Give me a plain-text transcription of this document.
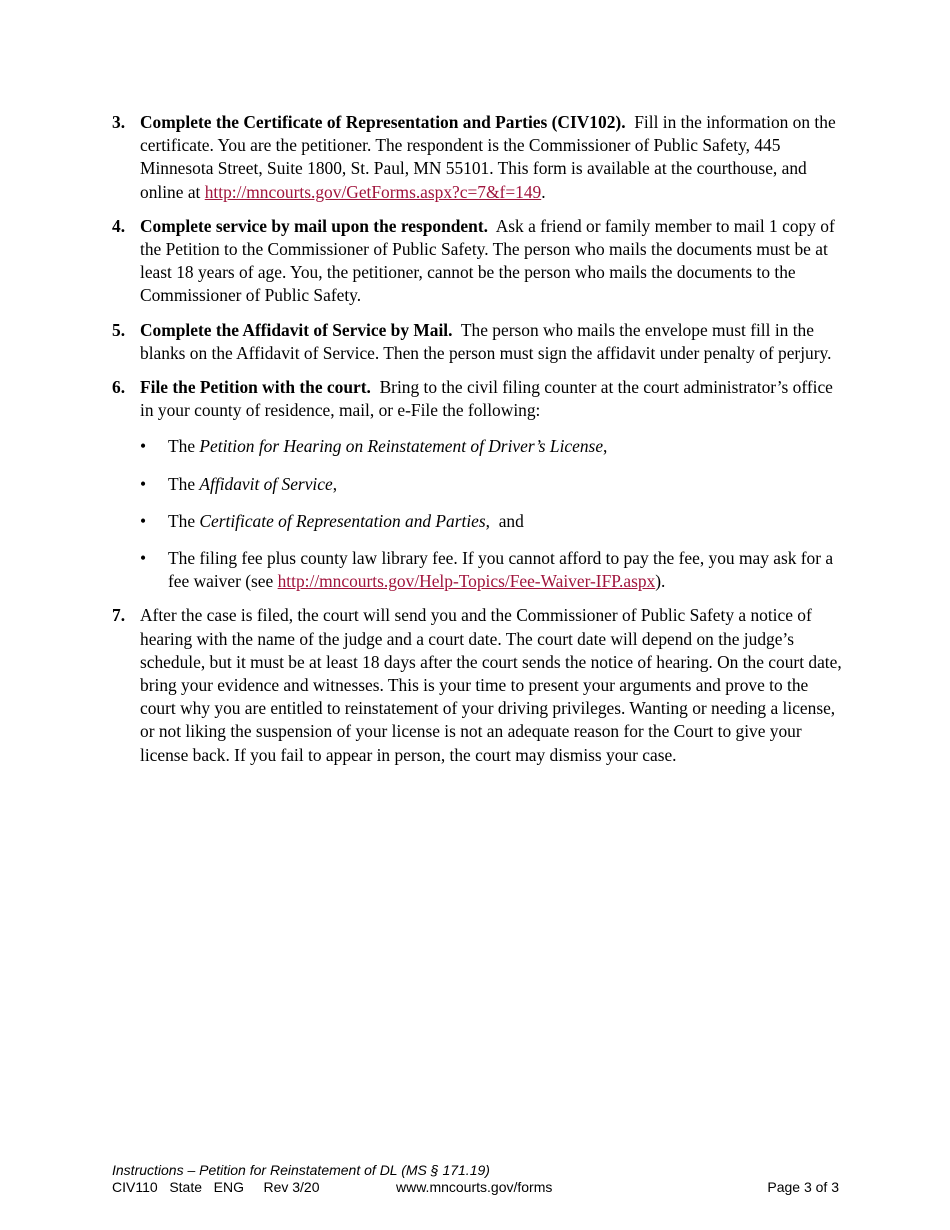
3. Complete the Certificate of Representation and Parties (CIV102). Fill in the information on the certificate. You are the petitioner. The respondent is the Commissioner of Public Safety, 445 Minnesota Street, Suite 1800, St. Paul, MN 55101. This form is available at the courthouse, and online at http://mncourts.gov/GetForms.aspx?c=7&f=149.
4. Complete service by mail upon the respondent. Ask a friend or family member to mail 1 copy of the Petition to the Commissioner of Public Safety. The person who mails the documents must be at least 18 years of age. You, the petitioner, cannot be the person who mails the documents to the Commissioner of Public Safety.
5. Complete the Affidavit of Service by Mail. The person who mails the envelope must fill in the blanks on the Affidavit of Service. Then the person must sign the affidavit under penalty of perjury.
6. File the Petition with the court. Bring to the civil filing counter at the court administrator’s office in your county of residence, mail, or e-File the following:
• The Petition for Hearing on Reinstatement of Driver’s License,
• The Affidavit of Service,
• The Certificate of Representation and Parties,  and
• The filing fee plus county law library fee. If you cannot afford to pay the fee, you may ask for a fee waiver (see http://mncourts.gov/Help-Topics/Fee-Waiver-IFP.aspx).
7. After the case is filed, the court will send you and the Commissioner of Public Safety a notice of hearing with the name of the judge and a court date. The court date will depend on the judge’s schedule, but it must be at least 18 days after the court sends the notice of hearing. On the court date, bring your evidence and witnesses. This is your time to present your arguments and prove to the court why you are entitled to reinstatement of your driving privileges. Wanting or needing a license, or not liking the suspension of your license is not an adequate reason for the Court to give your license back. If you fail to appear in person, the court may dismiss your case.
Instructions – Petition for Reinstatement of DL (MS § 171.19)
CIV110   State   ENG     Rev 3/20	www.mncourts.gov/forms	Page 3 of 3
